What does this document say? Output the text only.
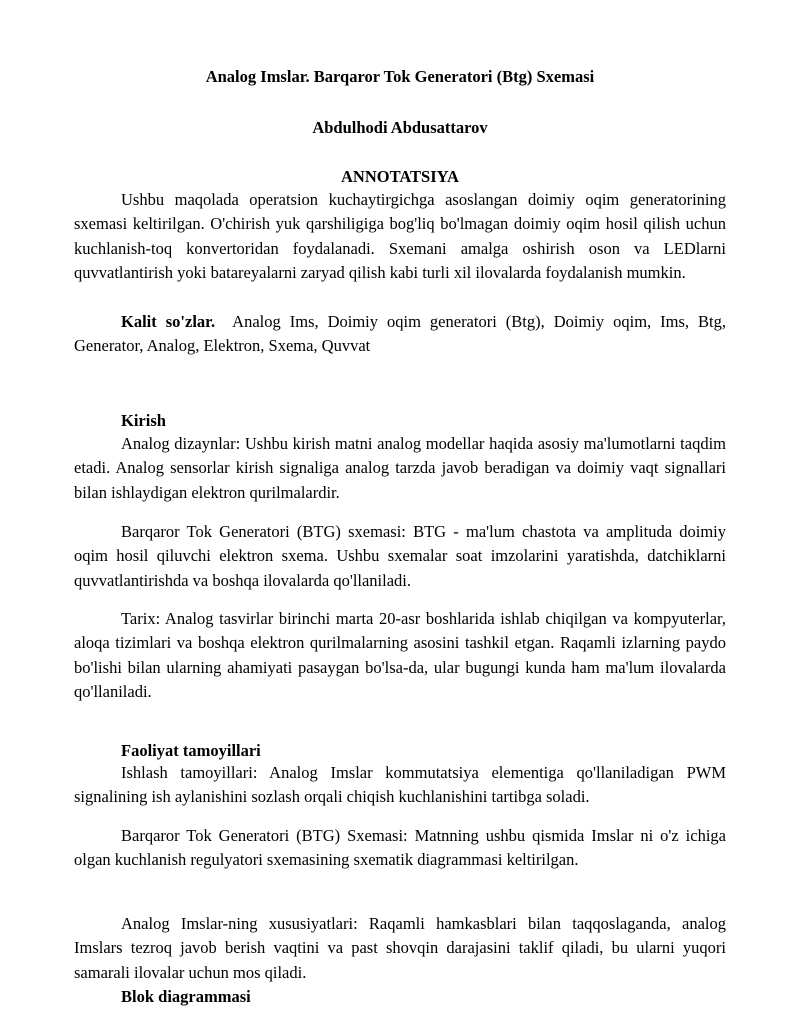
Analog Imslar. Barqaror Tok Generatori (Btg) Sxemasi
Abdulhodi Abdusattarov
ANNOTATSIYA

Ushbu maqolada operatsion kuchaytirgichga asoslangan doimiy oqim generatorining sxemasi keltirilgan. O'chirish yuk qarshiligiga bog'liq bo'lmagan doimiy oqim hosil qilish uchun kuchlanish-toq konvertoridan foydalanadi. Sxemani amalga oshirish oson va LEDlarni quvvatlantirish yoki batareyalarni zaryad qilish kabi turli xil ilovalarda foydalanish mumkin.

Kalit so'zlar. Analog Ims, Doimiy oqim generatori (Btg), Doimiy oqim, Ims, Btg, Generator, Analog, Elektron, Sxema, Quvvat

Kirish

Analog dizaynlar: Ushbu kirish matni analog modellar haqida asosiy ma'lumotlarni taqdim etadi. Analog sensorlar kirish signaliga analog tarzda javob beradigan va doimiy vaqt signallari bilan ishlaydigan elektron qurilmalardir.

Barqaror Tok Generatori (BTG) sxemasi: BTG - ma'lum chastota va amplituda doimiy oqim hosil qiluvchi elektron sxema. Ushbu sxemalar soat imzolarini yaratishda, datchiklarni quvvatlantirishda va boshqa ilovalarda qo'llaniladi.

Tarix: Analog tasvirlar birinchi marta 20-asr boshlarida ishlab chiqilgan va kompyuterlar, aloqa tizimlari va boshqa elektron qurilmalarning asosini tashkil etgan. Raqamli izlarning paydo bo'lishi bilan ularning ahamiyati pasaygan bo'lsa-da, ular bugungi kunda ham ma'lum ilovalarda qo'llaniladi.

Faoliyat tamoyillari

Ishlash tamoyillari: Analog Imslar kommutatsiya elementiga qo'llaniladigan PWM signalining ish aylanishini sozlash orqali chiqish kuchlanishini tartibga soladi.

Barqaror Tok Generatori (BTG) Sxemasi: Matnning ushbu qismida Imslar ni o'z ichiga olgan kuchlanish regulyatori sxemasining sxematik diagrammasi keltirilgan.

Analog Imslar-ning xususiyatlari: Raqamli hamkasblari bilan taqqoslaganda, analog Imslars tezroq javob berish vaqtini va past shovqin darajasini taklif qiladi, bu ularni yuqori samarali ilovalar uchun mos qiladi.

Blok diagrammasi
